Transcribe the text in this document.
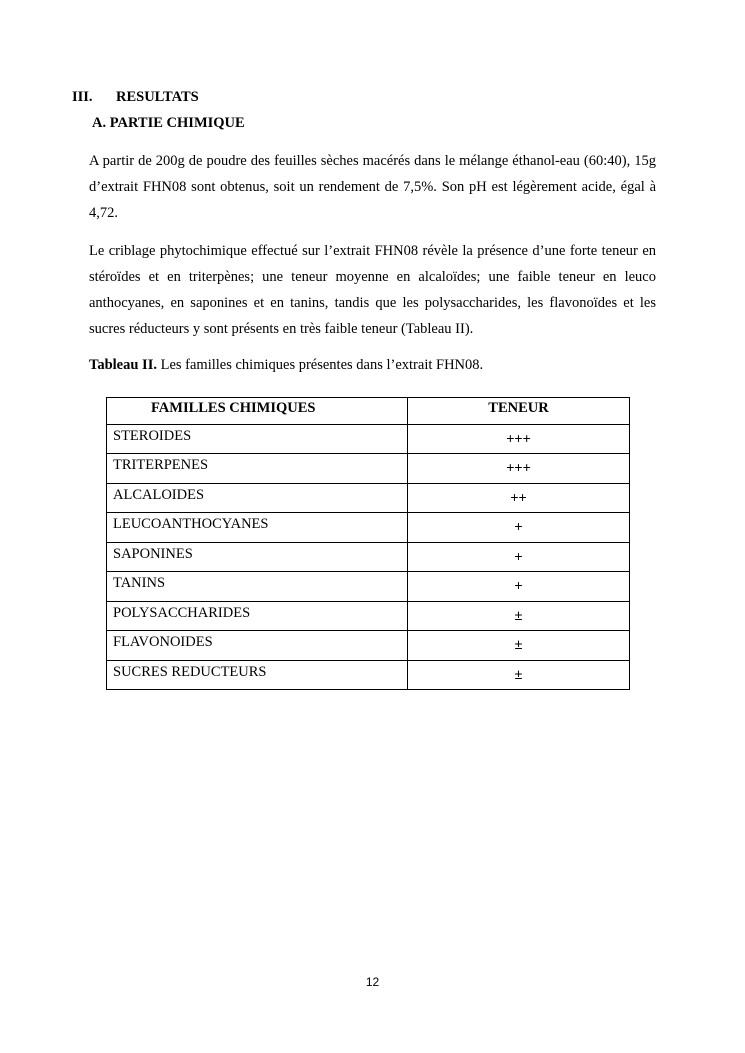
III. RESULTATS
A. PARTIE CHIMIQUE

A partir de 200g de poudre des feuilles sèches macérés dans le mélange éthanol-eau (60:40), 15g d’extrait FHN08 sont obtenus, soit un rendement de 7,5%. Son pH est légèrement acide, égal à 4,72.

Le criblage phytochimique effectué sur l’extrait FHN08 révèle la présence d’une forte teneur en stéroïdes et en triterpènes; une teneur moyenne en alcaloïdes; une faible teneur en leuco anthocyanes, en saponines et en tanins, tandis que les polysaccharides, les flavonoïdes et les sucres réducteurs y sont présents en très faible teneur (Tableau II).

Tableau II. Les familles chimiques présentes dans l’extrait FHN08.
FAMILLES CHIMIQUES	TENEUR
STEROIDES	+++
TRITERPENES	+++
ALCALOIDES	++
LEUCOANTHOCYANES	+
SAPONINES	+
TANINS	+
POLYSACCHARIDES	±
FLAVONOIDES	±
SUCRES REDUCTEURS	±
12
